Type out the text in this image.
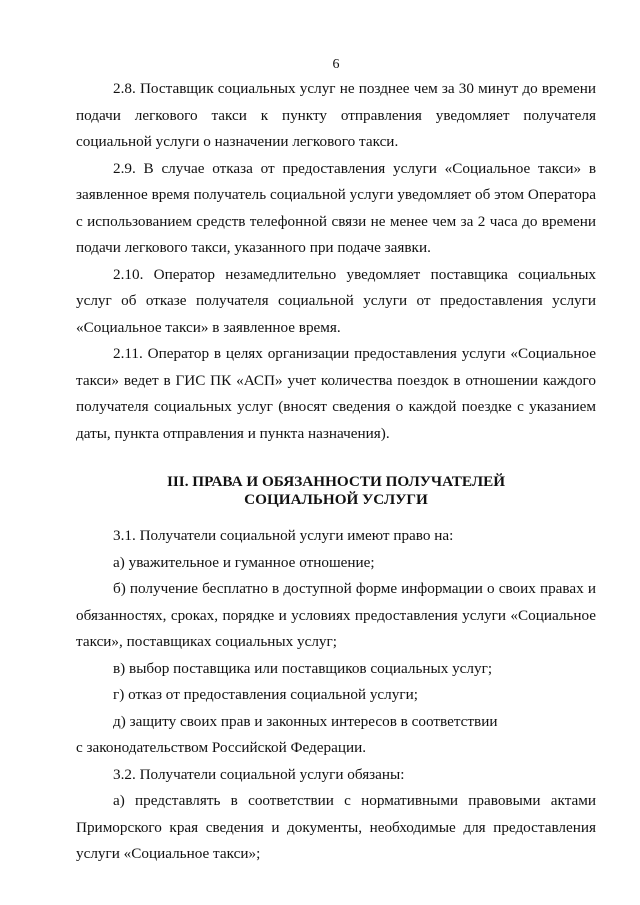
6

2.8. Поставщик социальных услуг не позднее чем за 30 минут до времени подачи легкового такси к пункту отправления уведомляет получателя социальной услуги о назначении легкового такси.

2.9. В случае отказа от предоставления услуги «Социальное такси» в заявленное время получатель социальной услуги уведомляет об этом Оператора с использованием средств телефонной связи не менее чем за 2 часа до времени подачи легкового такси, указанного при подаче заявки.

2.10. Оператор незамедлительно уведомляет поставщика социальных услуг об отказе получателя социальной услуги от предоставления услуги «Социальное такси» в заявленное время.

2.11. Оператор в целях организации предоставления услуги «Социальное такси» ведет в ГИС ПК «АСП» учет количества поездок в отношении каждого получателя социальных услуг (вносят сведения о каждой поездке с указанием даты, пункта отправления и пункта назначения).

III. ПРАВА И ОБЯЗАННОСТИ ПОЛУЧАТЕЛЕЙ
СОЦИАЛЬНОЙ УСЛУГИ

3.1. Получатели социальной услуги имеют право на:

а) уважительное и гуманное отношение;

б) получение бесплатно в доступной форме информации о своих правах и обязанностях, сроках, порядке и условиях предоставления услуги «Социальное такси», поставщиках социальных услуг;

в) выбор поставщика или поставщиков социальных услуг;

г) отказ от предоставления социальной услуги;

д) защиту своих прав и законных интересов в соответствии

с законодательством Российской Федерации.

3.2. Получатели социальной услуги обязаны:

а) представлять в соответствии с нормативными правовыми актами Приморского края сведения и документы, необходимые для предоставления услуги «Социальное такси»;
